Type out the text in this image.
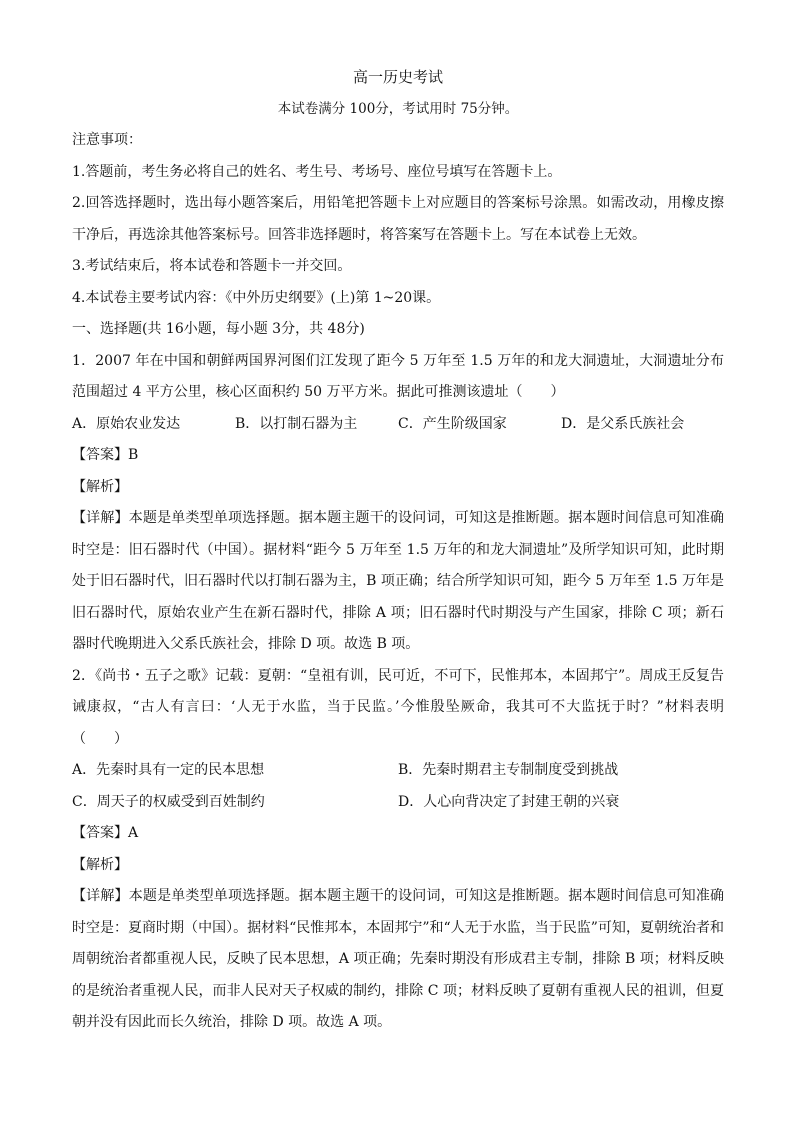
高一历史考试
本试卷满分 100分，考试用时 75分钟。
注意事项：
1.答题前，考生务必将自己的姓名、考生号、考场号、座位号填写在答题卡上。
2.回答选择题时，选出每小题答案后，用铅笔把答题卡上对应题目的答案标号涂黑。如需改动，用橡皮擦干净后，再选涂其他答案标号。回答非选择题时，将答案写在答题卡上。写在本试卷上无效。
3.考试结束后，将本试卷和答题卡一并交回。
4.本试卷主要考试内容：《中外历史纲要》(上)第 1~20课。
一、选择题(共 16小题，每小题 3分，共 48分)
1．2007 年在中国和朝鲜两国界河图们江发现了距今 5 万年至 1.5 万年的和龙大洞遗址，大洞遗址分布范围超过 4 平方公里，核心区面积约 50 万平方米。据此可推测该遗址（　　）
A．原始农业发达	B．以打制石器为主	C．产生阶级国家	D．是父系氏族社会
【答案】B
【解析】
【详解】本题是单类型单项选择题。据本题主题干的设问词，可知这是推断题。据本题时间信息可知准确时空是：旧石器时代（中国）。据材料“距今 5 万年至 1.5 万年的和龙大洞遗址”及所学知识可知，此时期处于旧石器时代，旧石器时代以打制石器为主，B 项正确；结合所学知识可知，距今 5 万年至 1.5 万年是旧石器时代，原始农业产生在新石器时代，排除 A 项；旧石器时代时期没与产生国家，排除 C 项；新石器时代晚期进入父系氏族社会，排除 D 项。故选 B 项。
2．《尚书・五子之歌》记载：夏朝：“皇祖有训，民可近，不可下，民惟邦本，本固邦宁”。周成王反复告诫康叔，“古人有言曰：‘人无于水监，当于民监。’今惟殷坠厥命，我其可不大监抚于时？”材料表明（　　）
A．先秦时具有一定的民本思想	B．先秦时期君主专制制度受到挑战
C．周天子的权威受到百姓制约	D．人心向背决定了封建王朝的兴衰
【答案】A
【解析】
【详解】本题是单类型单项选择题。据本题主题干的设问词，可知这是推断题。据本题时间信息可知准确时空是：夏商时期（中国）。据材料“民惟邦本，本固邦宁”和“人无于水监，当于民监”可知，夏朝统治者和周朝统治者都重视人民，反映了民本思想，A 项正确；先秦时期没有形成君主专制，排除 B 项；材料反映的是统治者重视人民，而非人民对天子权威的制约，排除 C 项；材料反映了夏朝有重视人民的祖训，但夏朝并没有因此而长久统治，排除 D 项。故选 A 项。
